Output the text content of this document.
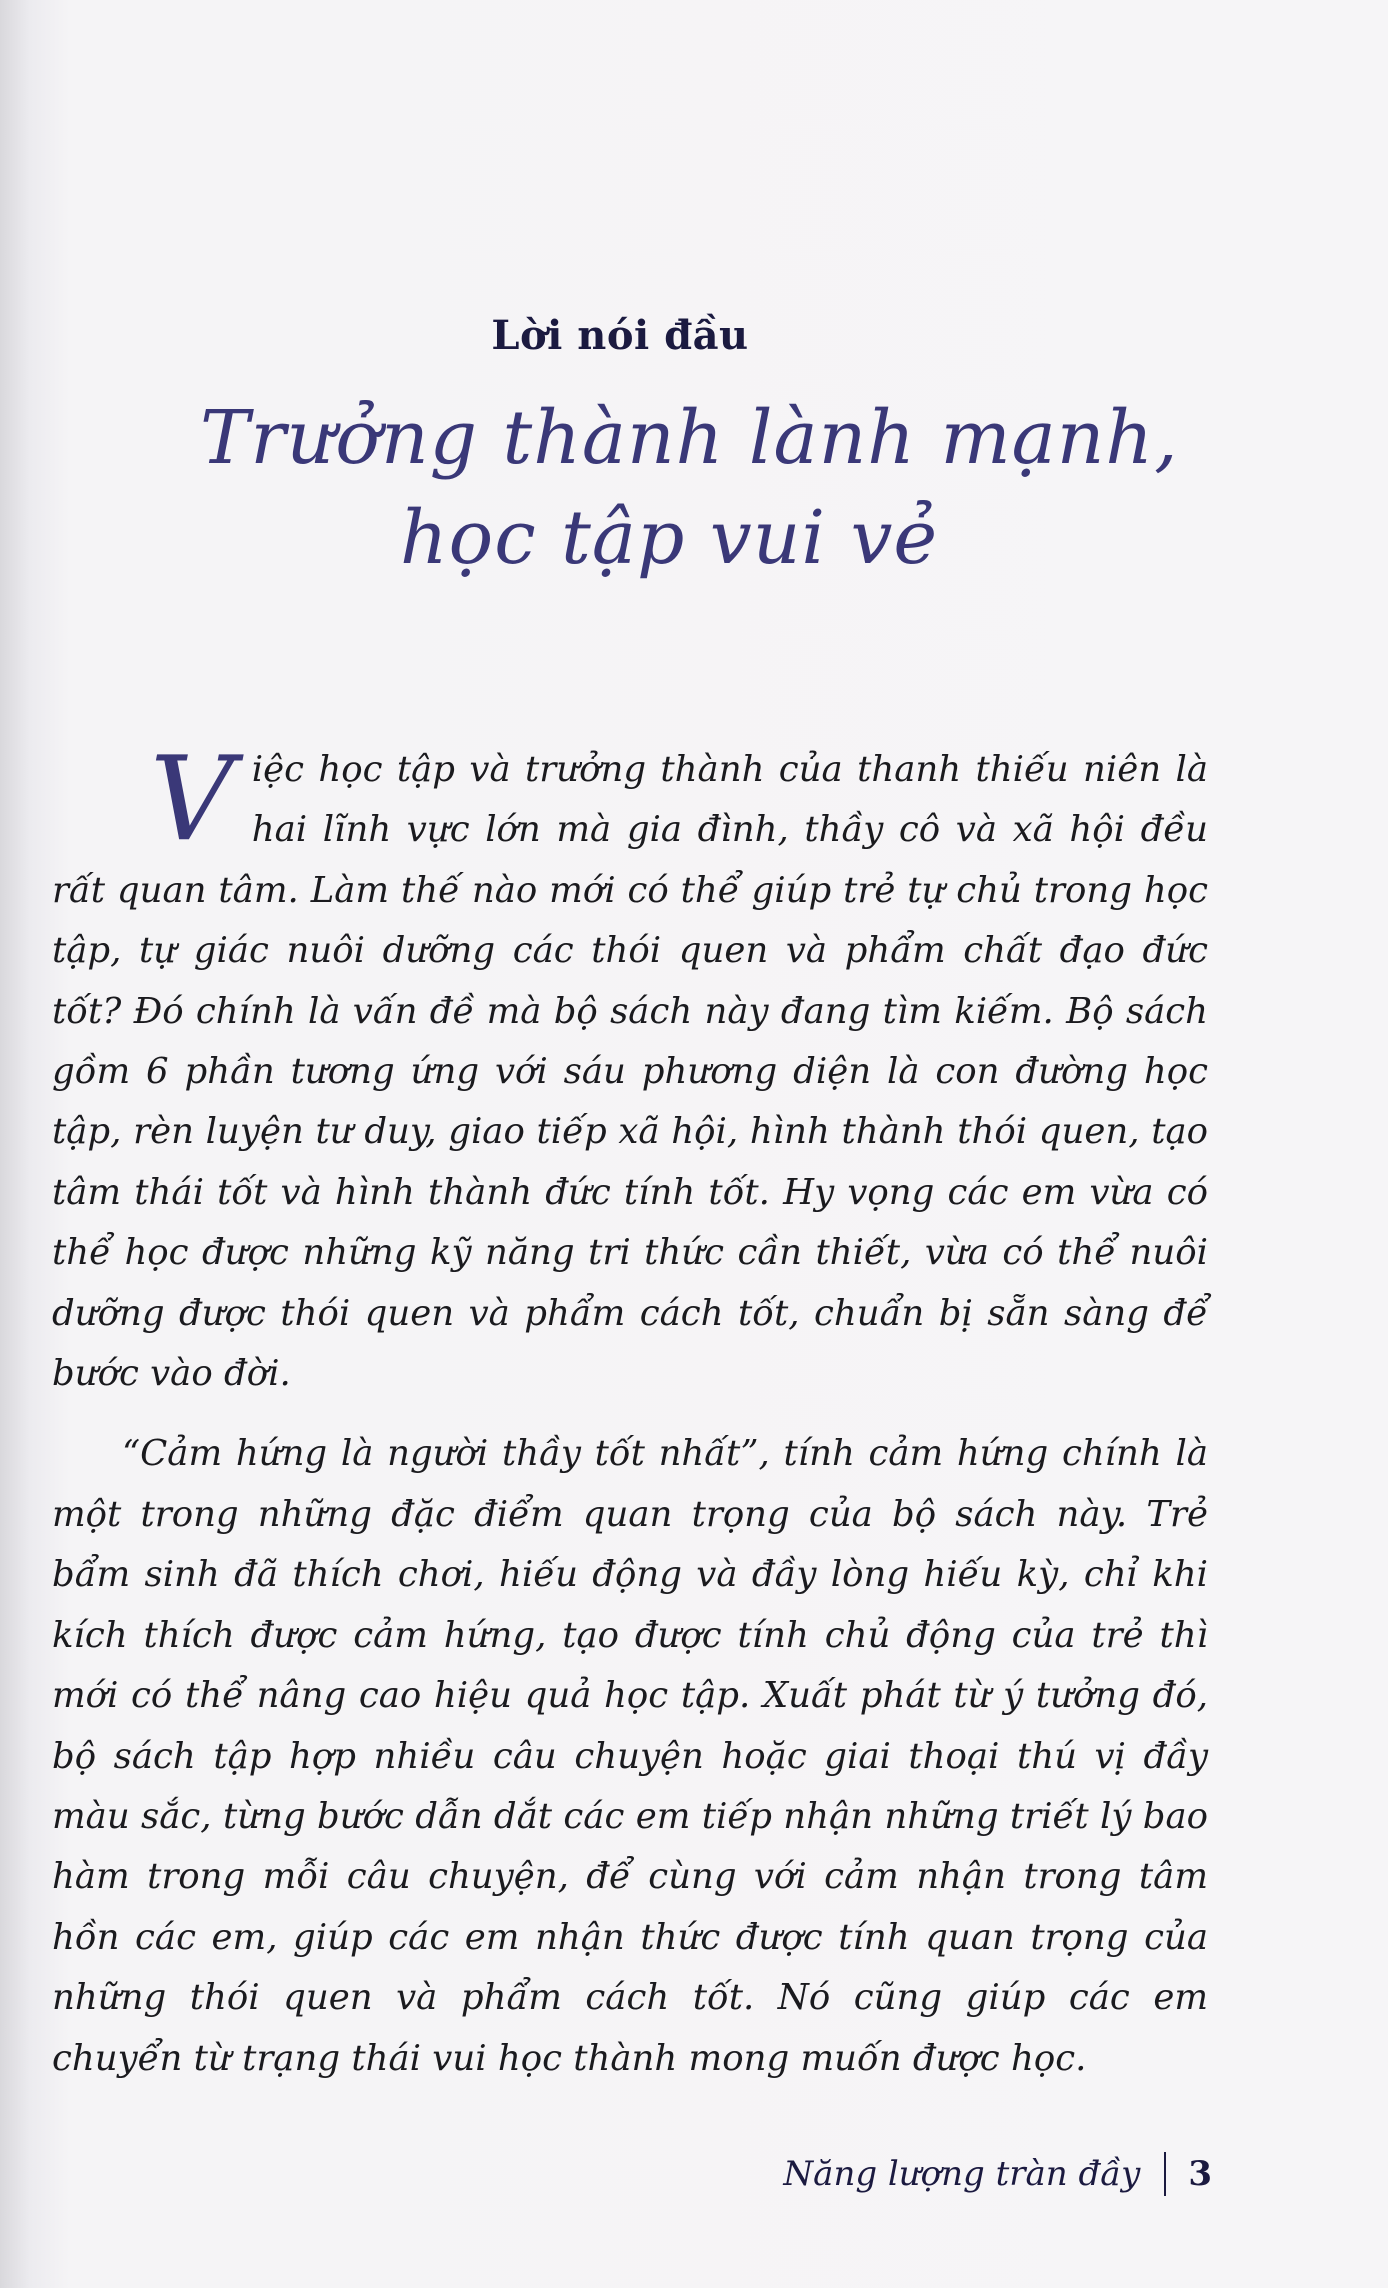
Lời nói đầu
Trưởng thành lành mạnh,
học tập vui vẻ

Việc học tập và trưởng thành của thanh thiếu niên là hai lĩnh vực lớn mà gia đình, thầy cô và xã hội đều rất quan tâm. Làm thế nào mới có thể giúp trẻ tự chủ trong học tập, tự giác nuôi dưỡng các thói quen và phẩm chất đạo đức tốt? Đó chính là vấn đề mà bộ sách này đang tìm kiếm. Bộ sách gồm 6 phần tương ứng với sáu phương diện là con đường học tập, rèn luyện tư duy, giao tiếp xã hội, hình thành thói quen, tạo tâm thái tốt và hình thành đức tính tốt. Hy vọng các em vừa có thể học được những kỹ năng tri thức cần thiết, vừa có thể nuôi dưỡng được thói quen và phẩm cách tốt, chuẩn bị sẵn sàng để bước vào đời.

“Cảm hứng là người thầy tốt nhất”, tính cảm hứng chính là một trong những đặc điểm quan trọng của bộ sách này. Trẻ bẩm sinh đã thích chơi, hiếu động và đầy lòng hiếu kỳ, chỉ khi kích thích được cảm hứng, tạo được tính chủ động của trẻ thì mới có thể nâng cao hiệu quả học tập. Xuất phát từ ý tưởng đó, bộ sách tập hợp nhiều câu chuyện hoặc giai thoại thú vị đầy màu sắc, từng bước dẫn dắt các em tiếp nhận những triết lý bao hàm trong mỗi câu chuyện, để cùng với cảm nhận trong tâm hồn các em, giúp các em nhận thức được tính quan trọng của những thói quen và phẩm cách tốt. Nó cũng giúp các em chuyển từ trạng thái vui học thành mong muốn được học.

Năng lượng tràn đầy 3
